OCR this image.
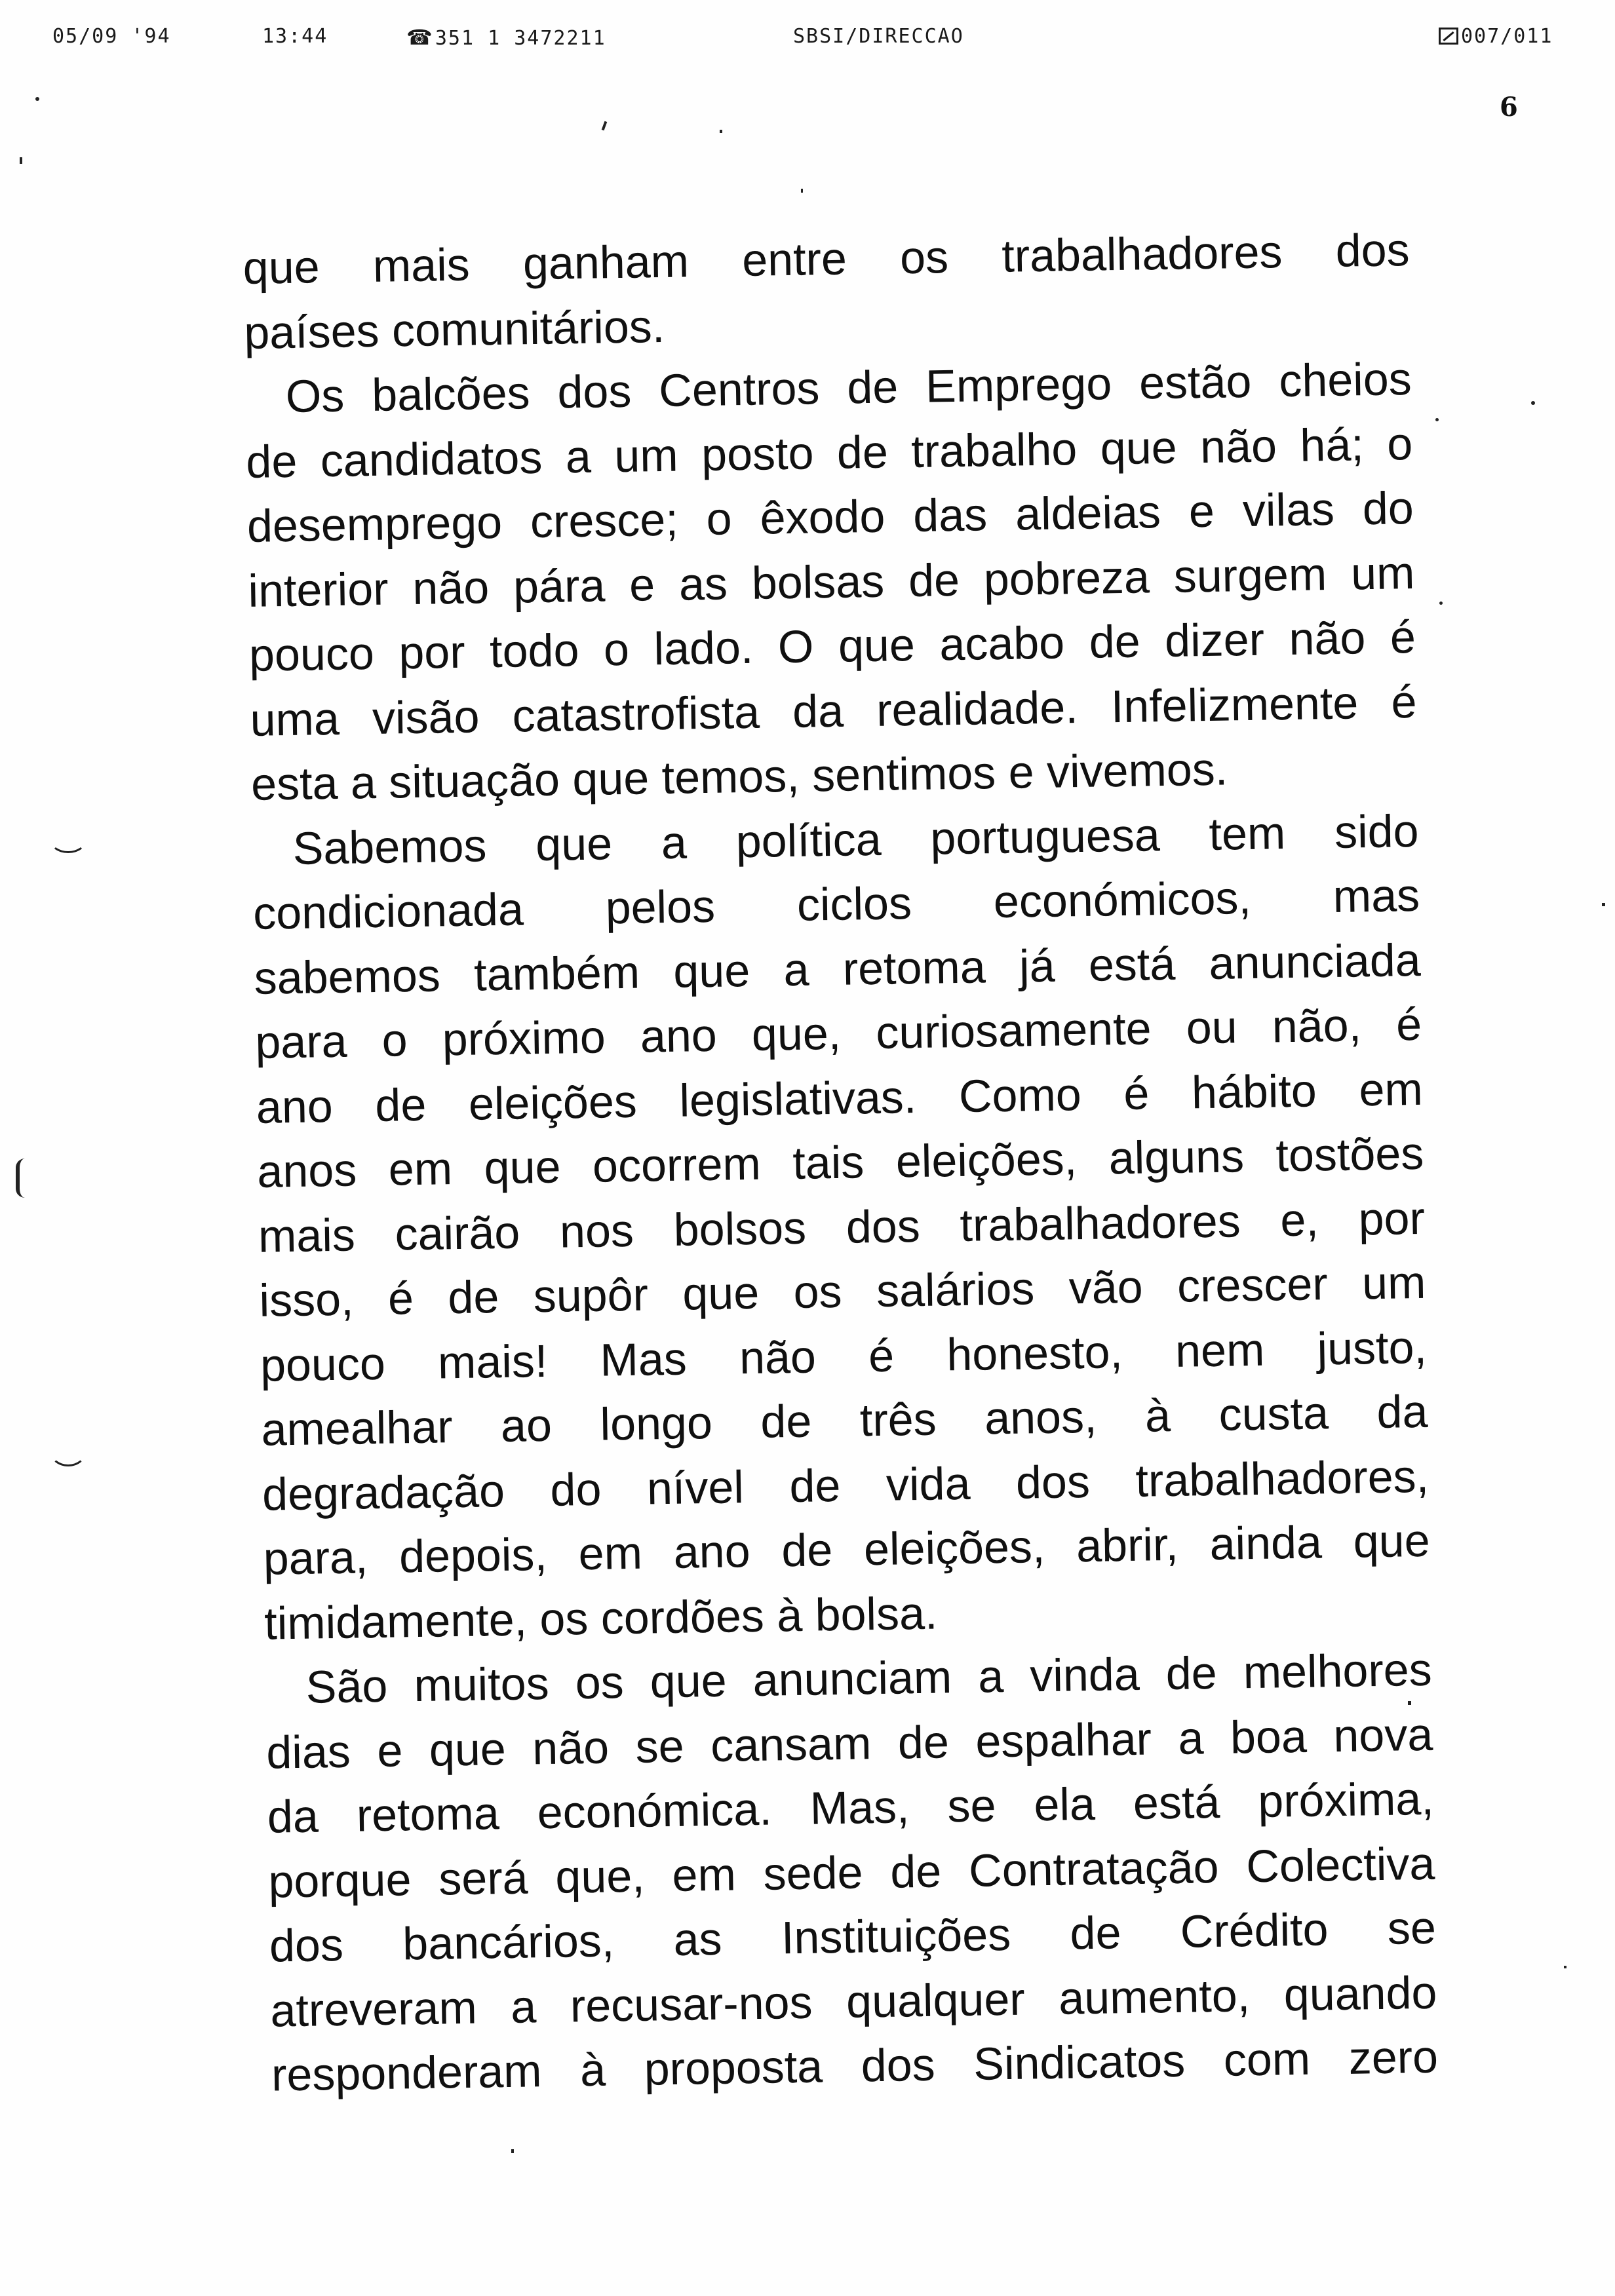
05/09 '94	13:44	☎351 1 3472211	SBSI/DIRECCAO	007/011
6
que mais ganham entre os trabalhadores dos
países comunitários.
Os balcões dos Centros de Emprego estão cheios
de candidatos a um posto de trabalho que não há; o
desemprego cresce; o êxodo das aldeias e vilas do
interior não pára e as bolsas de pobreza surgem um
pouco por todo o lado. O que acabo de dizer não é
uma visão catastrofista da realidade. Infelizmente é
esta a situação que temos, sentimos e vivemos.
Sabemos que a política portuguesa tem sido
condicionada pelos ciclos económicos, mas
sabemos também que a retoma já está anunciada
para o próximo ano que, curiosamente ou não, é
ano de eleições legislativas. Como é hábito em
anos em que ocorrem tais eleições, alguns tostões
mais cairão nos bolsos dos trabalhadores e, por
isso, é de supôr que os salários vão crescer um
pouco mais! Mas não é honesto, nem justo,
amealhar ao longo de três anos, à custa da
degradação do nível de vida dos trabalhadores,
para, depois, em ano de eleições, abrir, ainda que
timidamente, os cordões à bolsa.
São muitos os que anunciam a vinda de melhores
dias e que não se cansam de espalhar a boa nova
da retoma económica. Mas, se ela está próxima,
porque será que, em sede de Contratação Colectiva
dos bancários, as Instituições de Crédito se
atreveram a recusar-nos qualquer aumento, quando
responderam à proposta dos Sindicatos com zero
